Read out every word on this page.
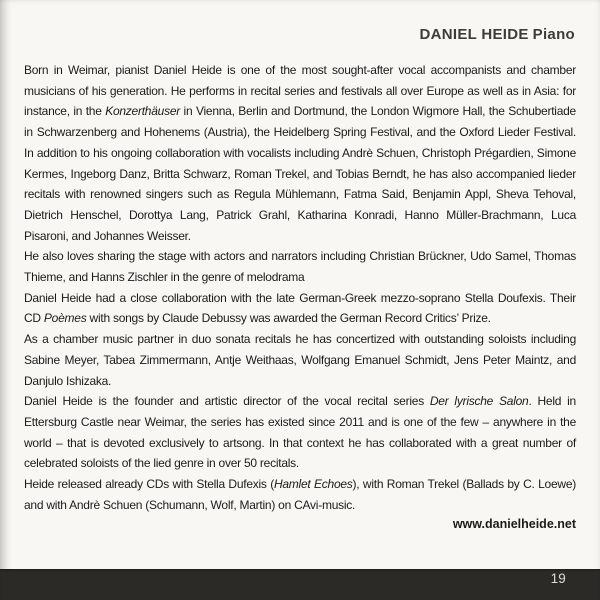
DANIEL HEIDE Piano

Born in Weimar, pianist Daniel Heide is one of the most sought-after vocal accompanists and chamber musicians of his generation. He performs in recital series and festivals all over Europe as well as in Asia: for instance, in the Konzerthäuser in Vienna, Berlin and Dortmund, the London Wigmore Hall, the Schubertiade in Schwarzenberg and Hohenems (Austria), the Heidelberg Spring Festival, and the Oxford Lieder Festival. In addition to his ongoing collaboration with vocalists including Andrè Schuen, Christoph Prégardien, Simone Kermes, Ingeborg Danz, Britta Schwarz, Roman Trekel, and Tobias Berndt, he has also accompanied lieder recitals with renowned singers such as Regula Mühlemann, Fatma Said, Benjamin Appl, Sheva Tehoval, Dietrich Henschel, Dorottya Lang, Patrick Grahl, Katharina Konradi, Hanno Müller-Brachmann, Luca Pisaroni, and Johannes Weisser.

He also loves sharing the stage with actors and narrators including Christian Brückner, Udo Samel, Thomas Thieme, and Hanns Zischler in the genre of melodrama

Daniel Heide had a close collaboration with the late German-Greek mezzo-soprano Stella Doufexis. Their CD Poèmes with songs by Claude Debussy was awarded the German Record Critics’ Prize.

As a chamber music partner in duo sonata recitals he has concertized with outstanding soloists including Sabine Meyer, Tabea Zimmermann, Antje Weithaas, Wolfgang Emanuel Schmidt, Jens Peter Maintz, and Danjulo Ishizaka.

Daniel Heide is the founder and artistic director of the vocal recital series Der lyrische Salon. Held in Ettersburg Castle near Weimar, the series has existed since 2011 and is one of the few – anywhere in the world – that is devoted exclusively to artsong. In that context he has collaborated with a great number of celebrated soloists of the lied genre in over 50 recitals.

Heide released already CDs with Stella Dufexis (Hamlet Echoes), with Roman Trekel (Ballads by C. Loewe) and with Andrè Schuen (Schumann, Wolf, Martin) on CAvi-music.

www.danielheide.net
19
